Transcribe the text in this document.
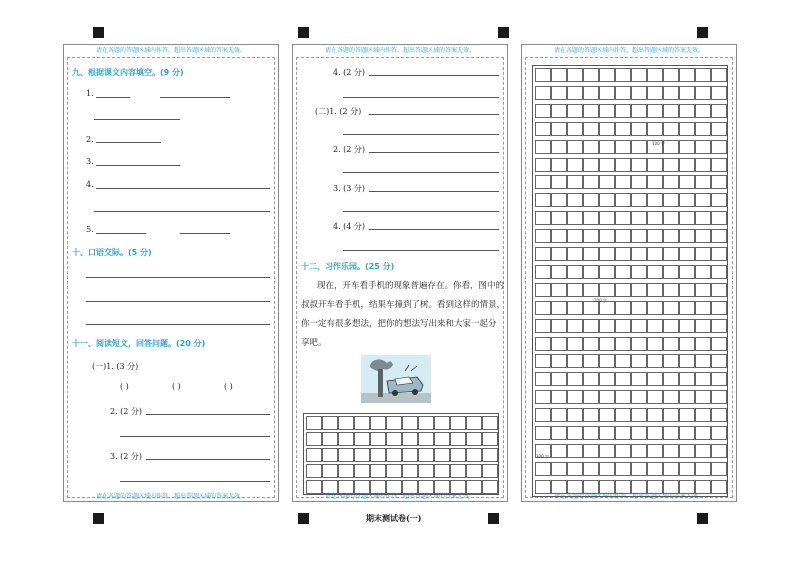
请在各题的答题区域内作答，超出答题区域的答案无效。
请在各题的答题区域内作答，超出答题区域的答案无效。
九、根据课文内容填空。(9 分)
1.
2.
3.
4.
5.
十、口语交际。(5 分)
十一、阅读短文，回答问题。(20 分)
(一)1. (3 分)
( )	( )	( )
2. (2 分)
3. (2 分)
请在各题的答题区域内作答，超出答题区域的答案无效。
请在各题的答题区域内作答，超出答题区域的答案无效。
4. (2 分)
(二)1. (2 分)
2. (2 分)
3. (3 分)
4. (4 分)
十二、习作乐园。(25 分)
现在，开车看手机的现象普遍存在。你看，图中的
叔叔开车看手机，结果车撞到了树。看到这样的情景，
你一定有很多想法，把你的想法写出来和大家一起分
享吧。
请在各题的答题区域内作答，超出答题区域的答案无效。
请在各题的答题区域内作答，超出答题区域的答案无效。
100 字
200 字
300 字
期末测试卷(一)
